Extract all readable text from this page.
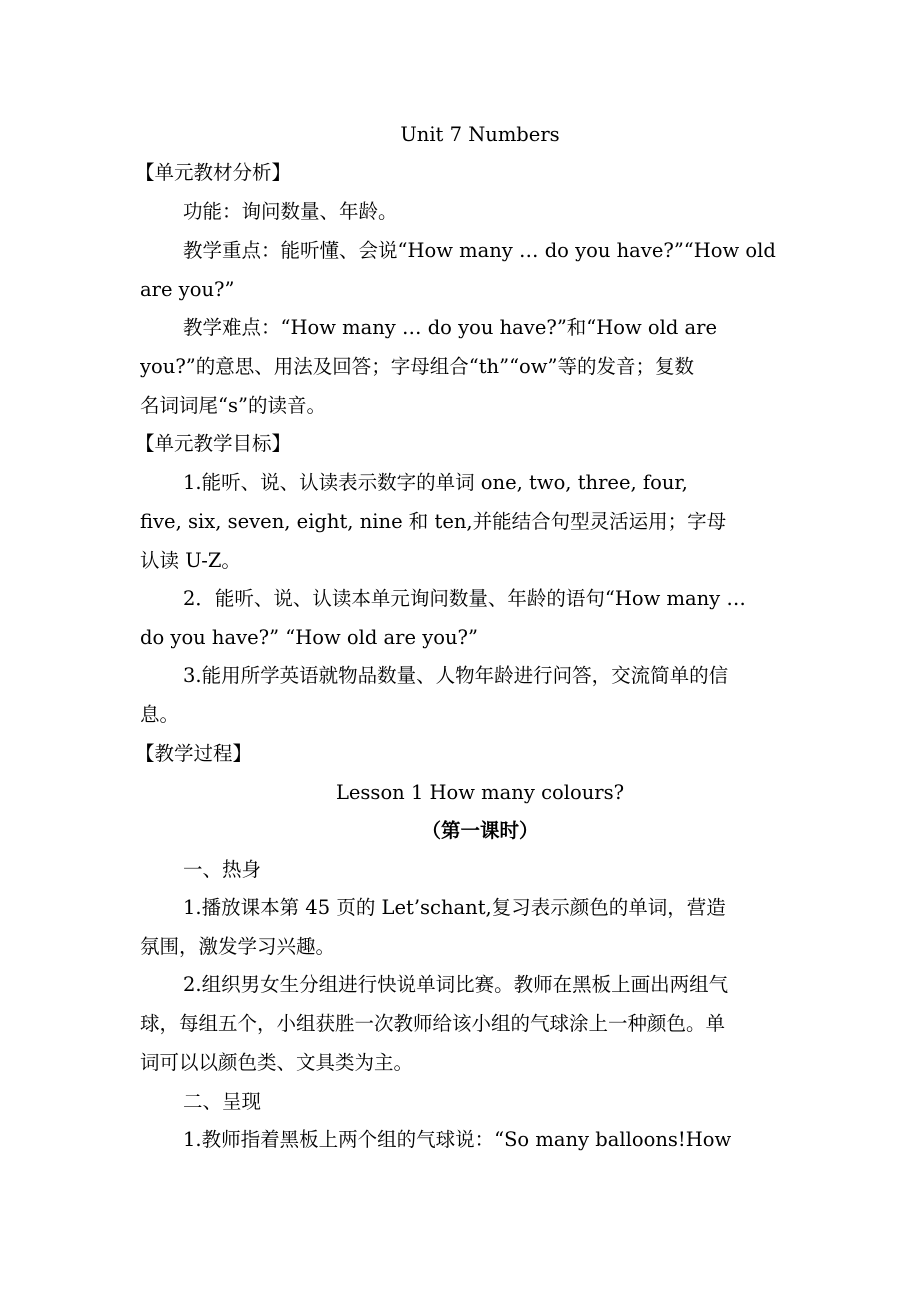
Unit 7 Numbers
【单元教材分析】
功能：询问数量、年龄。
教学重点：能听懂、会说“How many … do you have?”“How old
are you?”
教学难点：“How many … do you have?”和“How old are
you?”的意思、用法及回答；字母组合“th”“ow”等的发音；复数
名词词尾“s”的读音。
【单元教学目标】
1.能听、说、认读表示数字的单词 one, two, three, four,
five, six, seven, eight, nine 和 ten,并能结合句型灵活运用；字母
认读 U-Z。
2．能听、说、认读本单元询问数量、年龄的语句“How many …
do you have?” “How old are you?”
3.能用所学英语就物品数量、人物年龄进行问答，交流简单的信
息。
【教学过程】
Lesson 1 How many colours?
（第一课时）
一、热身
1.播放课本第 45 页的 Let’schant,复习表示颜色的单词，营造
氛围，激发学习兴趣。
2.组织男女生分组进行快说单词比赛。教师在黑板上画出两组气
球，每组五个，小组获胜一次教师给该小组的气球涂上一种颜色。单
词可以以颜色类、文具类为主。
二、呈现
1.教师指着黑板上两个组的气球说：“So many balloons!How
